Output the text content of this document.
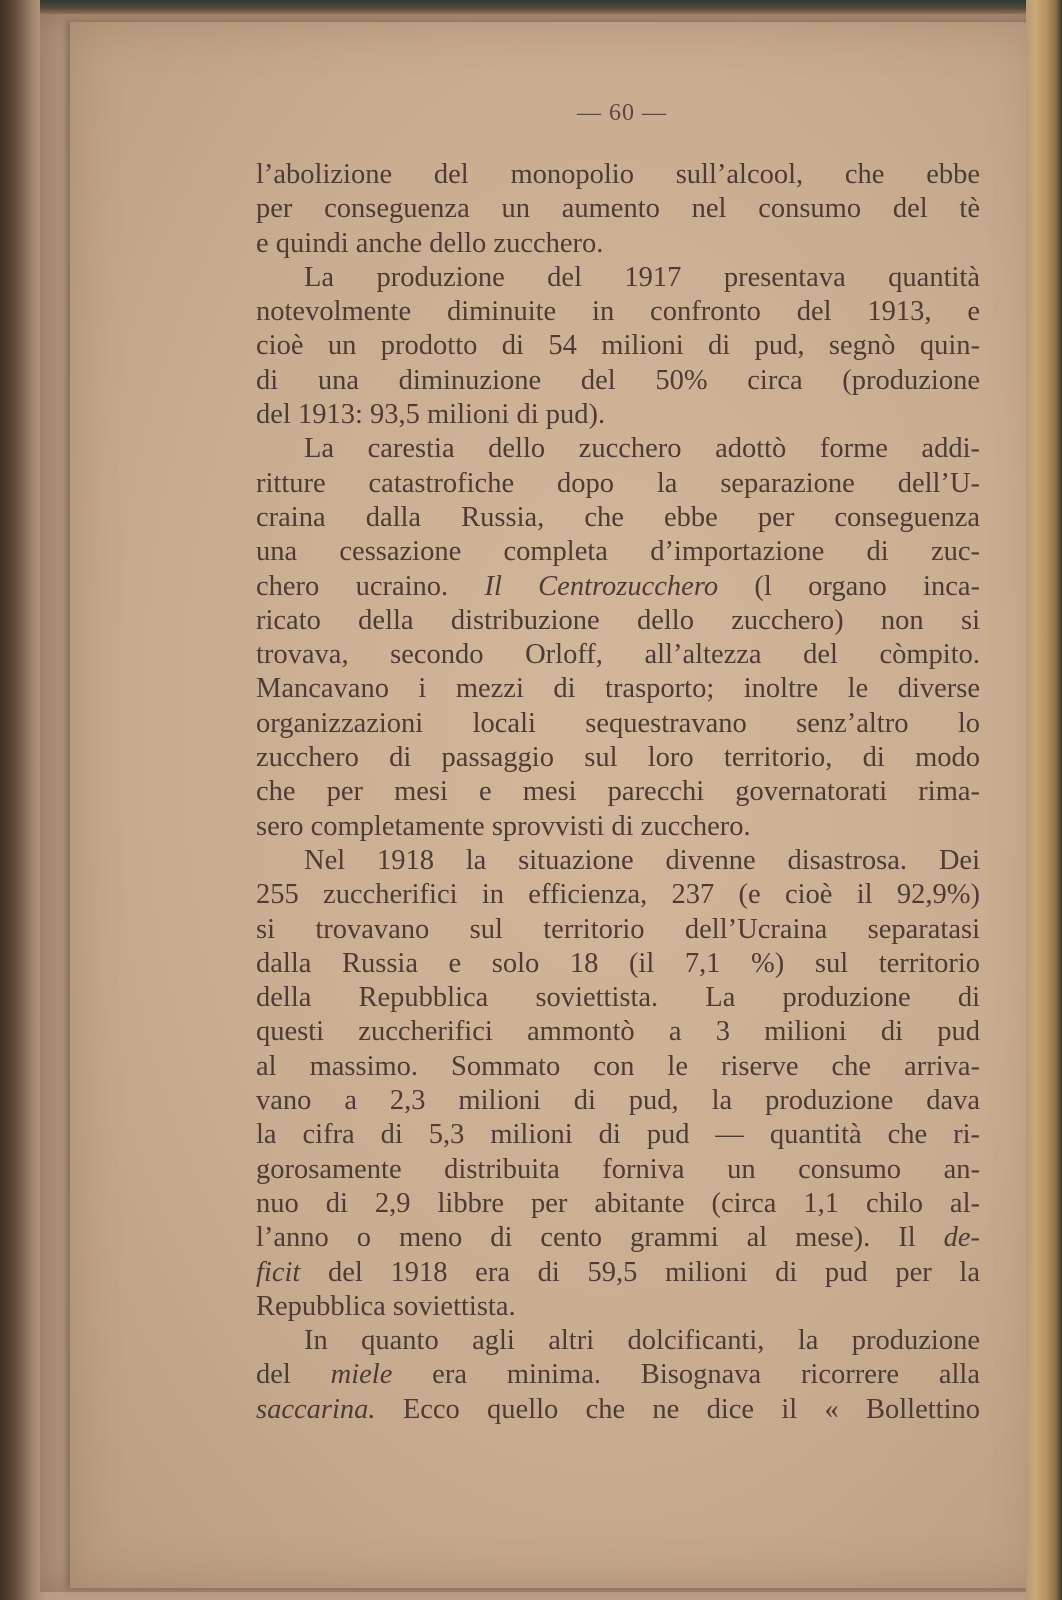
— 60 —
l’abolizione del monopolio sull’alcool, che ebbe
per conseguenza un aumento nel consumo del tè
e quindi anche dello zucchero.
La produzione del 1917 presentava quantità
notevolmente diminuite in confronto del 1913, e
cioè un prodotto di 54 milioni di pud, segnò quin-
di una diminuzione del 50% circa (produzione
del 1913: 93,5 milioni di pud).
La carestia dello zucchero adottò forme addi-
ritture catastrofiche dopo la separazione dell’U-
craina dalla Russia, che ebbe per conseguenza
una cessazione completa d’importazione di zuc-
chero ucraino. Il Centrozucchero (l organo inca-
ricato della distribuzione dello zucchero) non si
trovava, secondo Orloff, all’altezza del còmpito.
Mancavano i mezzi di trasporto; inoltre le diverse
organizzazioni locali sequestravano senz’altro lo
zucchero di passaggio sul loro territorio, di modo
che per mesi e mesi parecchi governatorati rima-
sero completamente sprovvisti di zucchero.
Nel 1918 la situazione divenne disastrosa. Dei
255 zuccherifici in efficienza, 237 (e cioè il 92,9%)
si trovavano sul territorio dell’Ucraina separatasi
dalla Russia e solo 18 (il 7,1 %) sul territorio
della Repubblica soviettista. La produzione di
questi zuccherifici ammontò a 3 milioni di pud
al massimo. Sommato con le riserve che arriva-
vano a 2,3 milioni di pud, la produzione dava
la cifra di 5,3 milioni di pud — quantità che ri-
gorosamente distribuita forniva un consumo an-
nuo di 2,9 libbre per abitante (circa 1,1 chilo al-
l’anno o meno di cento grammi al mese). Il de-
ficit del 1918 era di 59,5 milioni di pud per la
Repubblica soviettista.
In quanto agli altri dolcificanti, la produzione
del miele era minima. Bisognava ricorrere alla
saccarina. Ecco quello che ne dice il « Bollettino
